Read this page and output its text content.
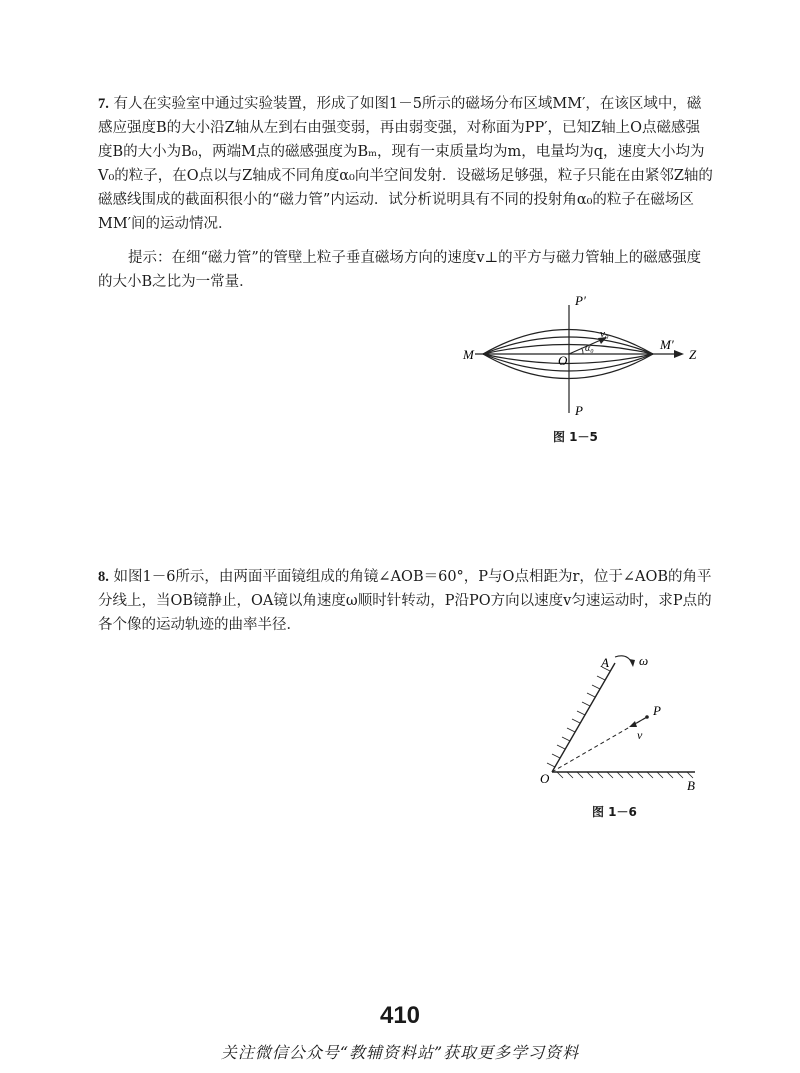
7. 有人在实验室中通过实验装置，形成了如图1－5所示的磁场分布区域MM′，在该区域中，磁感应强度B的大小沿Z轴从左到右由强变弱，再由弱变强，对称面为PP′，已知Z轴上O点磁感强度B的大小为B₀，两端M点的磁感强度为Bₘ，现有一束质量均为m，电量均为q，速度大小均为V₀的粒子，在O点以与Z轴成不同角度α₀向半空间发射．设磁场足够强，粒子只能在由紧邻Z轴的磁感线围成的截面积很小的“磁力管”内运动．试分析说明具有不同的投射角α₀的粒子在磁场区MM′间的运动情况．

提示：在细“磁力管”的管壁上粒子垂直磁场方向的速度v⊥的平方与磁力管轴上的磁感强度的大小B之比为一常量．

P′
P
M
M′
O	Z
v₀
α₀
图 1－5

8. 如图1－6所示，由两面平面镜组成的角镜∠AOB＝60°，P与O点相距为r，位于∠AOB的角平分线上，当OB镜静止，OA镜以角速度ω顺时针转动，P沿PO方向以速度v匀速运动时，求P点的各个像的运动轨迹的曲率半径．

A ω
P
v
O	B
图 1－6
410
关注微信公众号“教辅资料站”获取更多学习资料
